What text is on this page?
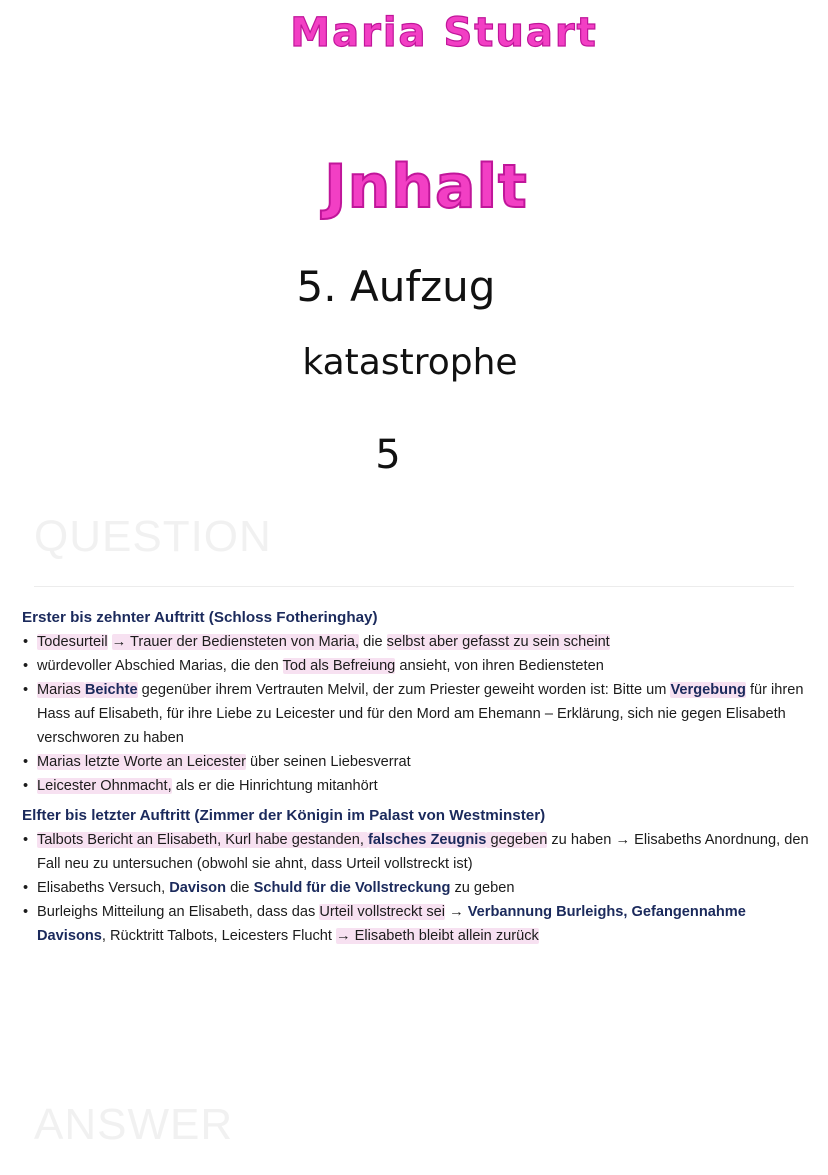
Maria Stuart
Jnhalt
5. Aufzug
katastrophe
5
QUESTION
Erster bis zehnter Auftritt (Schloss Fotheringhay)
• Todesurteil → Trauer der Bediensteten von Maria, die selbst aber gefasst zu sein scheint
• würdevoller Abschied Marias, die den Tod als Befreiung ansieht, von ihren Bediensteten
• Marias Beichte gegenüber ihrem Vertrauten Melvil, der zum Priester geweiht worden ist: Bitte um Vergebung für ihren Hass auf Elisabeth, für ihre Liebe zu Leicester und für den Mord am Ehemann – Erklärung, sich nie gegen Elisabeth verschworen zu haben
• Marias letzte Worte an Leicester über seinen Liebesverrat
• Leicester Ohnmacht, als er die Hinrichtung mitanhört
Elfter bis letzter Auftritt (Zimmer der Königin im Palast von Westminster)
• Talbots Bericht an Elisabeth, Kurl habe gestanden, falsches Zeugnis gegeben zu haben → Elisabeths Anordnung, den Fall neu zu untersuchen (obwohl sie ahnt, dass Urteil vollstreckt ist)
• Elisabeths Versuch, Davison die Schuld für die Vollstreckung zu geben
• Burleighs Mitteilung an Elisabeth, dass das Urteil vollstreckt sei → Verbannung Burleighs, Gefangennahme Davisons, Rücktritt Talbots, Leicesters Flucht → Elisabeth bleibt allein zurück
ANSWER
